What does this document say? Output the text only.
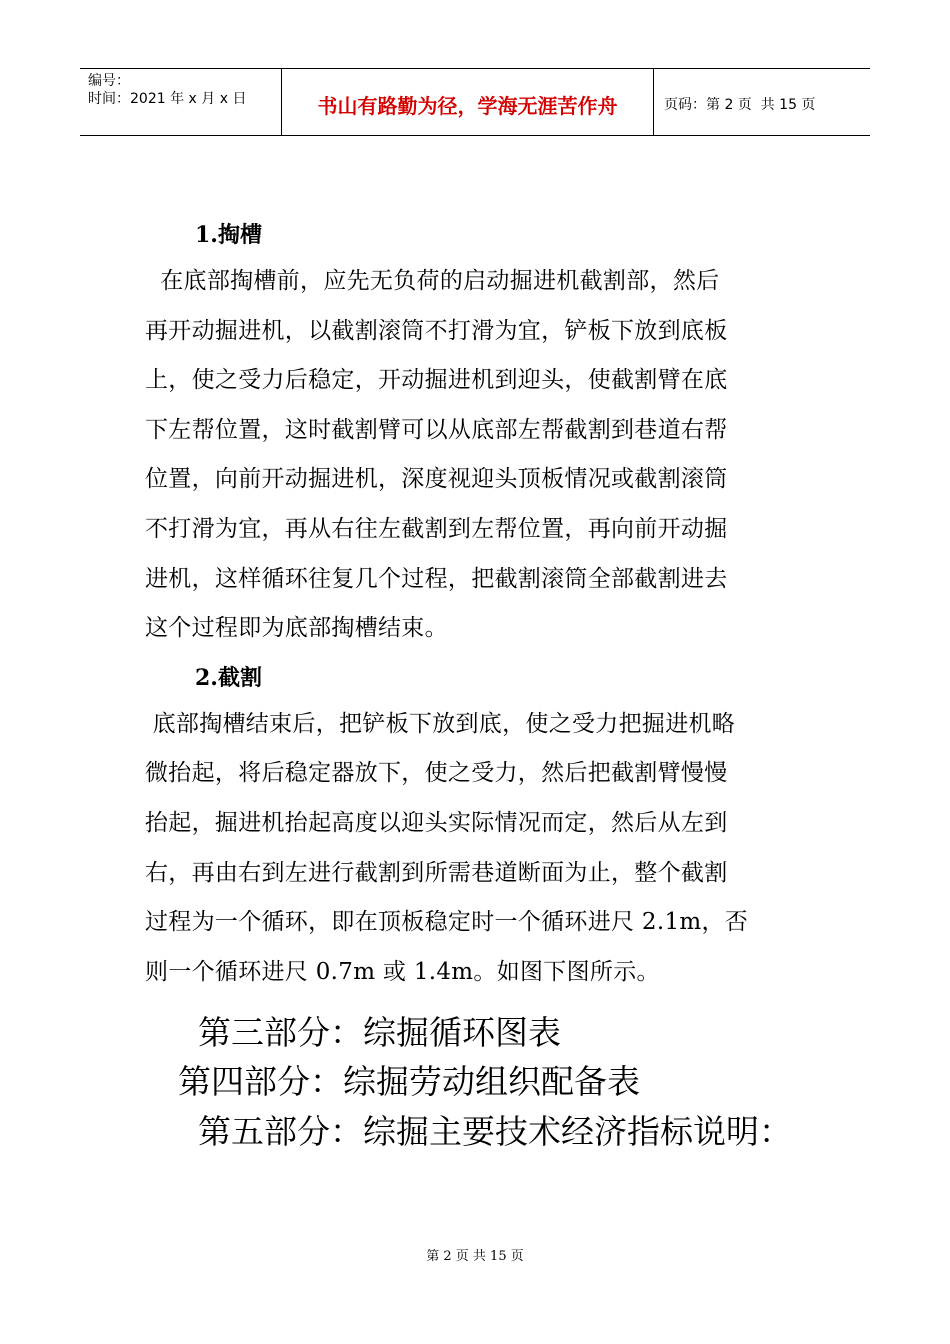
编号：
时间：2021 年 x 月 x 日	书山有路勤为径，学海无涯苦作舟	页码：第 2 页  共 15 页
1.掏槽
在底部掏槽前，应先无负荷的启动掘进机截割部，然后
再开动掘进机，以截割滚筒不打滑为宜，铲板下放到底板
上，使之受力后稳定，开动掘进机到迎头，使截割臂在底
下左帮位置，这时截割臂可以从底部左帮截割到巷道右帮
位置，向前开动掘进机，深度视迎头顶板情况或截割滚筒
不打滑为宜，再从右往左截割到左帮位置，再向前开动掘
进机，这样循环往复几个过程，把截割滚筒全部截割进去
这个过程即为底部掏槽结束。
2.截割
底部掏槽结束后，把铲板下放到底，使之受力把掘进机略
微抬起，将后稳定器放下，使之受力，然后把截割臂慢慢
抬起，掘进机抬起高度以迎头实际情况而定，然后从左到
右，再由右到左进行截割到所需巷道断面为止，整个截割
过程为一个循环，即在顶板稳定时一个循环进尺 2.1m，否
则一个循环进尺 0.7m 或 1.4m。如图下图所示。
第三部分：综掘循环图表
第四部分：综掘劳动组织配备表
第五部分：综掘主要技术经济指标说明：
第 2 页 共 15 页
